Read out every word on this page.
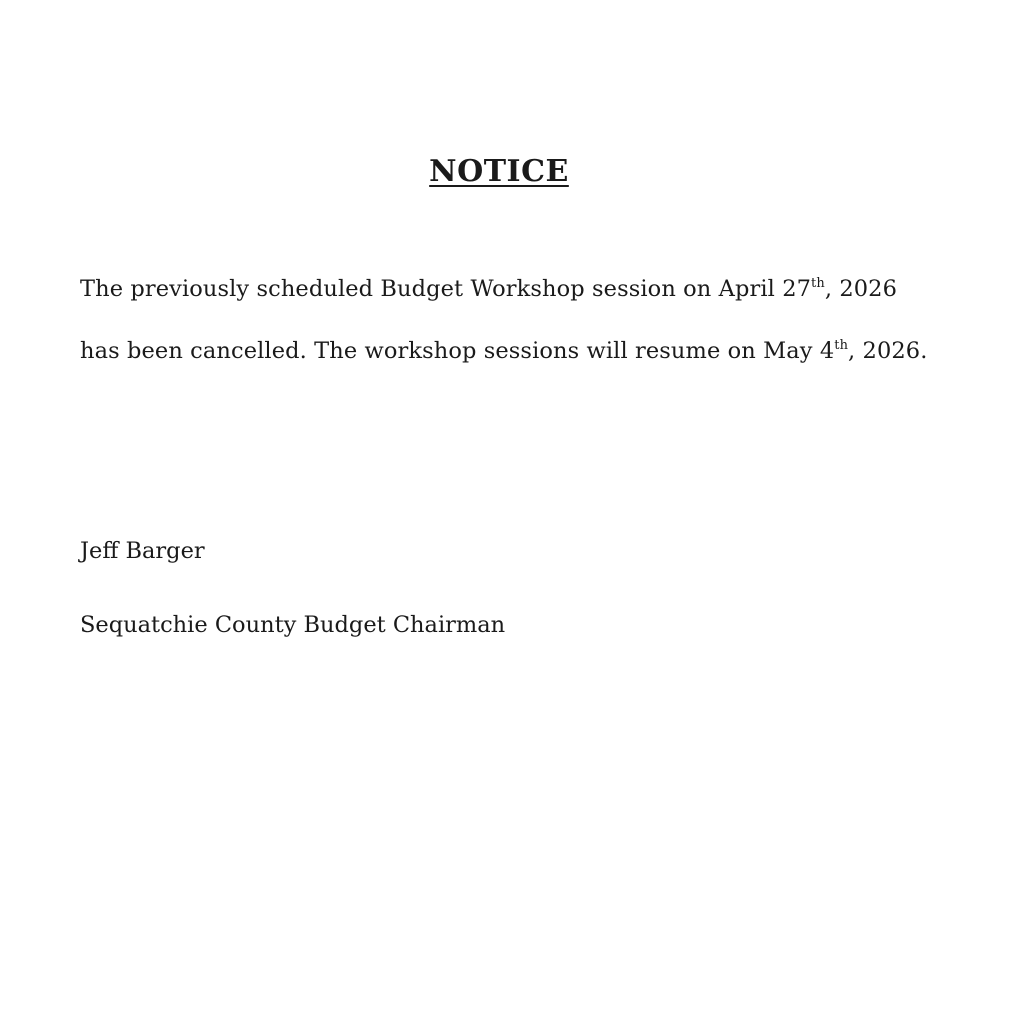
NOTICE

The previously scheduled Budget Workshop session on April 27th, 2026 has been cancelled. The workshop sessions will resume on May 4th, 2026.

Jeff Barger

Sequatchie County Budget Chairman
